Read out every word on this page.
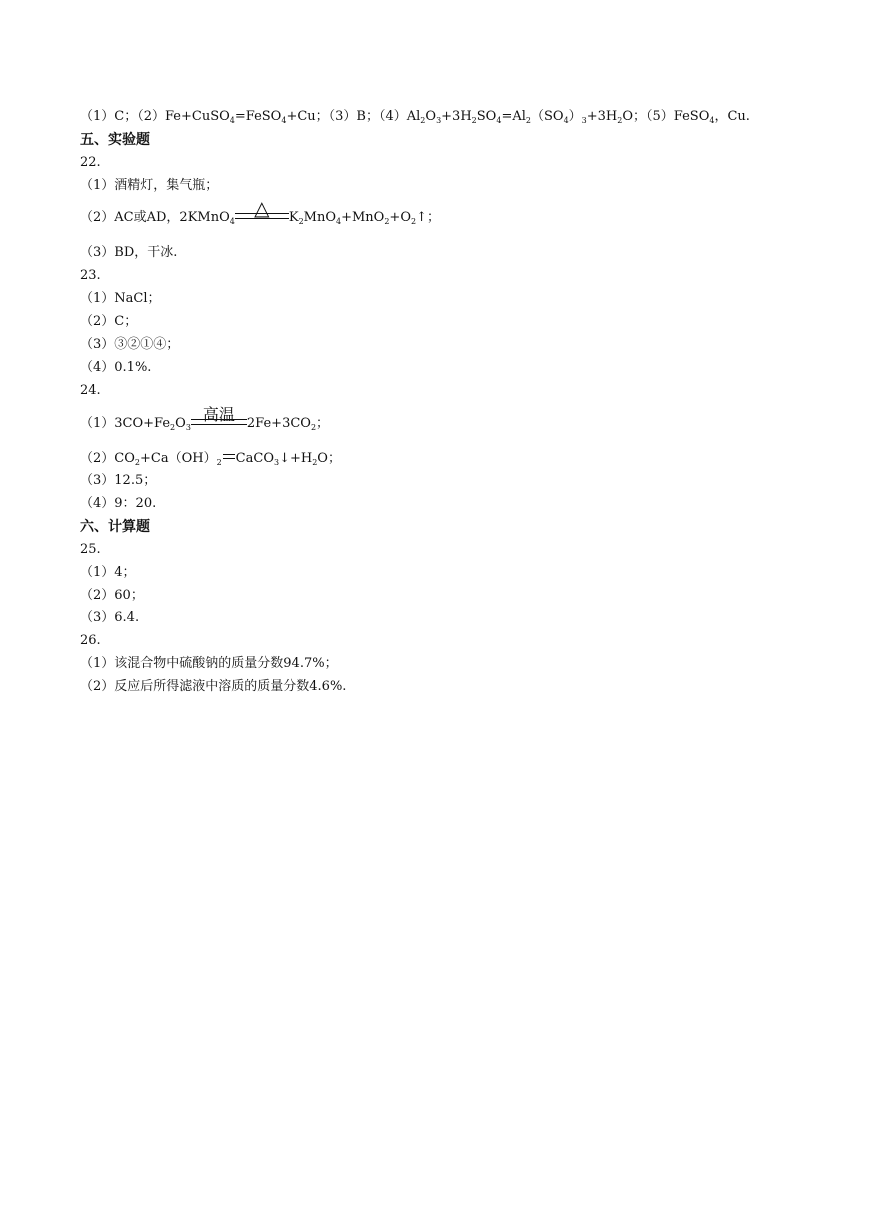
（1）C；（2）Fe+CuSO$_4$=FeSO$_4$+Cu；（3）B；$(4)Al_2O_3+3H_2SO_4=Al_2(SO_4)_3+3H_2O$；（5）FeSO$_4$，Cu.
五、实验题
22.
（1）酒精灯，集气瓶；
（2）AC或AD，2KMnO$_4$
△	$K_2MnO_4+MnO_2+O_2↑$；
（3）BD，干冰.
23.
（1）NaCl；
（2）C；
（3）③②①④；
（4）0.1%.
24.
$(1)3CO+Fe_2O_3$
高温 $2Fe+3CO_2$；
$(2)CO_2+Ca(OH)_2$ $CaCO_3↓+H_2O$；
（3）12.5；
（4）9：20.
六、计算题
25.
（1）4；
（2）60；
（3）6.4.
26.
（1）该混合物中硫酸钠的质量分数94.7%；
（2）反应后所得滤液中溶质的质量分数4.6%.
